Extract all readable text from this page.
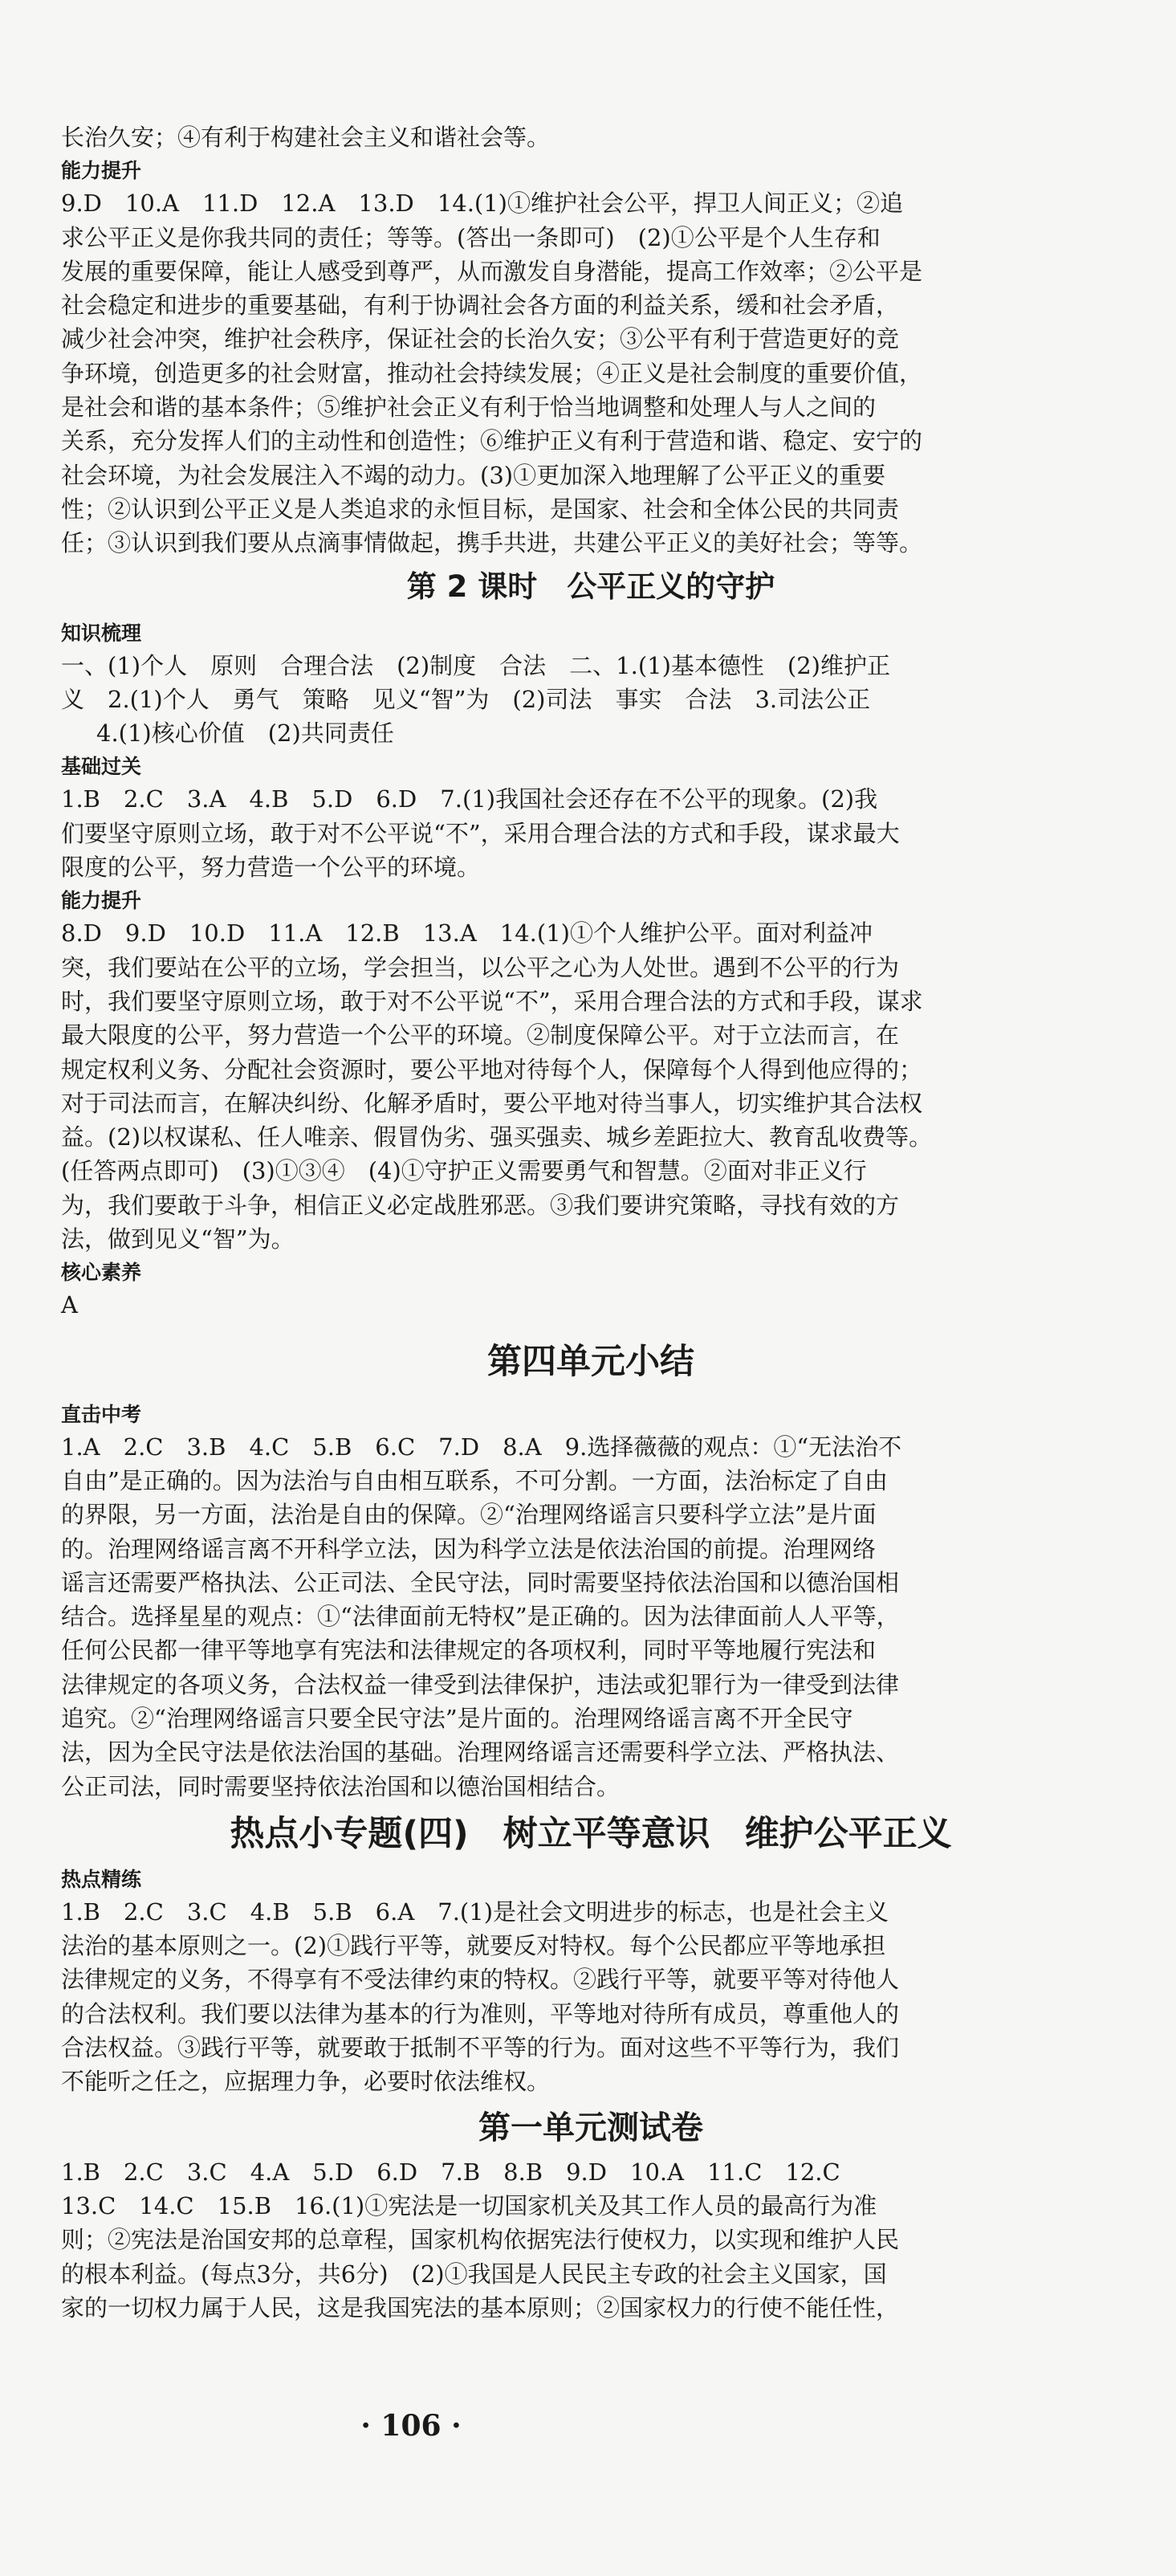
长治久安；④有利于构建社会主义和谐社会等。

能力提升

9.D　10.A　11.D　12.A　13.D　14.(1)①维护社会公平，捍卫人间正义；②追

求公平正义是你我共同的责任；等等。(答出一条即可)　(2)①公平是个人生存和

发展的重要保障，能让人感受到尊严，从而激发自身潜能，提高工作效率；②公平是

社会稳定和进步的重要基础，有利于协调社会各方面的利益关系，缓和社会矛盾，

减少社会冲突，维护社会秩序，保证社会的长治久安；③公平有利于营造更好的竞

争环境，创造更多的社会财富，推动社会持续发展；④正义是社会制度的重要价值，

是社会和谐的基本条件；⑤维护社会正义有利于恰当地调整和处理人与人之间的

关系，充分发挥人们的主动性和创造性；⑥维护正义有利于营造和谐、稳定、安宁的

社会环境，为社会发展注入不竭的动力。(3)①更加深入地理解了公平正义的重要

性；②认识到公平正义是人类追求的永恒目标，是国家、社会和全体公民的共同责

任；③认识到我们要从点滴事情做起，携手共进，共建公平正义的美好社会；等等。

第 2 课时　公平正义的守护
知识梳理

一、(1)个人　原则　合理合法　(2)制度　合法　二、1.(1)基本德性　(2)维护正

义　2.(1)个人　勇气　策略　见义“智”为　(2)司法　事实　合法　3.司法公正

4.(1)核心价值　(2)共同责任

基础过关

1.B　2.C　3.A　4.B　5.D　6.D　7.(1)我国社会还存在不公平的现象。(2)我

们要坚守原则立场，敢于对不公平说“不”，采用合理合法的方式和手段，谋求最大

限度的公平，努力营造一个公平的环境。

能力提升

8.D　9.D　10.D　11.A　12.B　13.A　14.(1)①个人维护公平。面对利益冲

突，我们要站在公平的立场，学会担当，以公平之心为人处世。遇到不公平的行为

时，我们要坚守原则立场，敢于对不公平说“不”，采用合理合法的方式和手段，谋求

最大限度的公平，努力营造一个公平的环境。②制度保障公平。对于立法而言，在

规定权利义务、分配社会资源时，要公平地对待每个人，保障每个人得到他应得的；

对于司法而言，在解决纠纷、化解矛盾时，要公平地对待当事人，切实维护其合法权

益。(2)以权谋私、任人唯亲、假冒伪劣、强买强卖、城乡差距拉大、教育乱收费等。

(任答两点即可)　(3)①③④　(4)①守护正义需要勇气和智慧。②面对非正义行

为，我们要敢于斗争，相信正义必定战胜邪恶。③我们要讲究策略，寻找有效的方

法，做到见义“智”为。

核心素养

A

第四单元小结
直击中考

1.A　2.C　3.B　4.C　5.B　6.C　7.D　8.A　9.选择薇薇的观点：①“无法治不

自由”是正确的。因为法治与自由相互联系，不可分割。一方面，法治标定了自由

的界限，另一方面，法治是自由的保障。②“治理网络谣言只要科学立法”是片面

的。治理网络谣言离不开科学立法，因为科学立法是依法治国的前提。治理网络

谣言还需要严格执法、公正司法、全民守法，同时需要坚持依法治国和以德治国相

结合。选择星星的观点：①“法律面前无特权”是正确的。因为法律面前人人平等，

任何公民都一律平等地享有宪法和法律规定的各项权利，同时平等地履行宪法和

法律规定的各项义务，合法权益一律受到法律保护，违法或犯罪行为一律受到法律

追究。②“治理网络谣言只要全民守法”是片面的。治理网络谣言离不开全民守

法，因为全民守法是依法治国的基础。治理网络谣言还需要科学立法、严格执法、

公正司法，同时需要坚持依法治国和以德治国相结合。

热点小专题(四)　树立平等意识　维护公平正义
热点精练

1.B　2.C　3.C　4.B　5.B　6.A　7.(1)是社会文明进步的标志，也是社会主义

法治的基本原则之一。(2)①践行平等，就要反对特权。每个公民都应平等地承担

法律规定的义务，不得享有不受法律约束的特权。②践行平等，就要平等对待他人

的合法权利。我们要以法律为基本的行为准则，平等地对待所有成员，尊重他人的

合法权益。③践行平等，就要敢于抵制不平等的行为。面对这些不平等行为，我们

不能听之任之，应据理力争，必要时依法维权。

第一单元测试卷

1.B　2.C　3.C　4.A　5.D　6.D　7.B　8.B　9.D　10.A　11.C　12.C

13.C　14.C　15.B　16.(1)①宪法是一切国家机关及其工作人员的最高行为准

则；②宪法是治国安邦的总章程，国家机构依据宪法行使权力，以实现和维护人民

的根本利益。(每点3分，共6分)　(2)①我国是人民民主专政的社会主义国家，国

家的一切权力属于人民，这是我国宪法的基本原则；②国家权力的行使不能任性，

· 106 ·
